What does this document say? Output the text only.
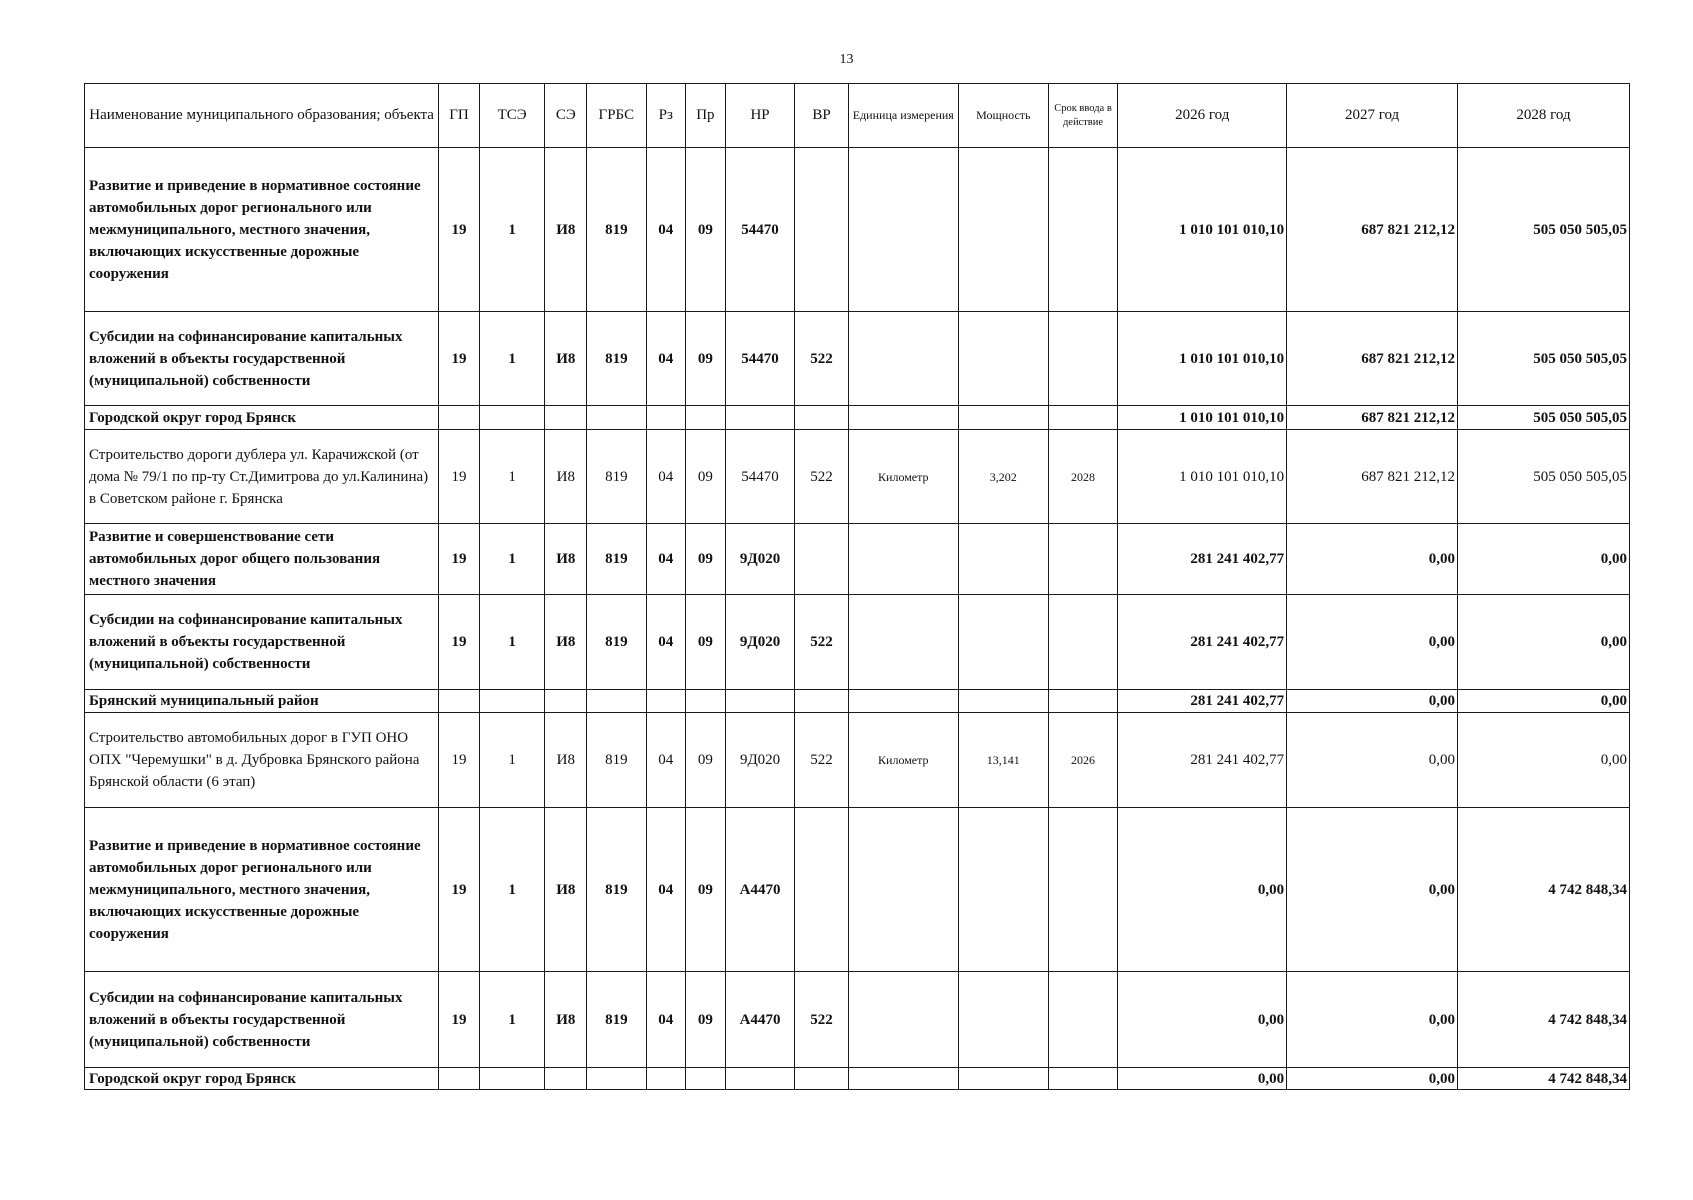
13
Наименование муниципального образования; объекта	ГП	ТСЭ	СЭ	ГРБС	Рз	Пр	НР	ВР	Единица измерения	Мощность	Срок ввода в действие	2026 год	2027 год	2028 год
Развитие и приведение в нормативное состояние автомобильных дорог регионального или межмуниципального, местного значения, включающих искусственные дорожные сооружения	19	1	И8	819	04	09	54470					1 010 101 010,10	687 821 212,12	505 050 505,05
Субсидии на софинансирование капитальных вложений в объекты государственной (муниципальной) собственности	19	1	И8	819	04	09	54470	522				1 010 101 010,10	687 821 212,12	505 050 505,05
Городской округ город Брянск												1 010 101 010,10	687 821 212,12	505 050 505,05
Строительство дороги дублера ул. Карачижской (от дома № 79/1 по пр-ту Ст.Димитрова до ул.Калинина) в Советском районе г. Брянска	19	1	И8	819	04	09	54470	522	Километр	3,202	2028	1 010 101 010,10	687 821 212,12	505 050 505,05
Развитие и совершенствование сети автомобильных дорог общего пользования местного значения	19	1	И8	819	04	09	9Д020					281 241 402,77	0,00	0,00
Субсидии на софинансирование капитальных вложений в объекты государственной (муниципальной) собственности	19	1	И8	819	04	09	9Д020	522				281 241 402,77	0,00	0,00
Брянский муниципальный район												281 241 402,77	0,00	0,00
Строительство автомобильных дорог в ГУП ОНО ОПХ "Черемушки" в д. Дубровка Брянского района Брянской области (6 этап)	19	1	И8	819	04	09	9Д020	522	Километр	13,141	2026	281 241 402,77	0,00	0,00
Развитие и приведение в нормативное состояние автомобильных дорог регионального или межмуниципального, местного значения, включающих искусственные дорожные сооружения	19	1	И8	819	04	09	А4470					0,00	0,00	4 742 848,34
Субсидии на софинансирование капитальных вложений в объекты государственной (муниципальной) собственности	19	1	И8	819	04	09	А4470	522				0,00	0,00	4 742 848,34
Городской округ город Брянск												0,00	0,00	4 742 848,34
